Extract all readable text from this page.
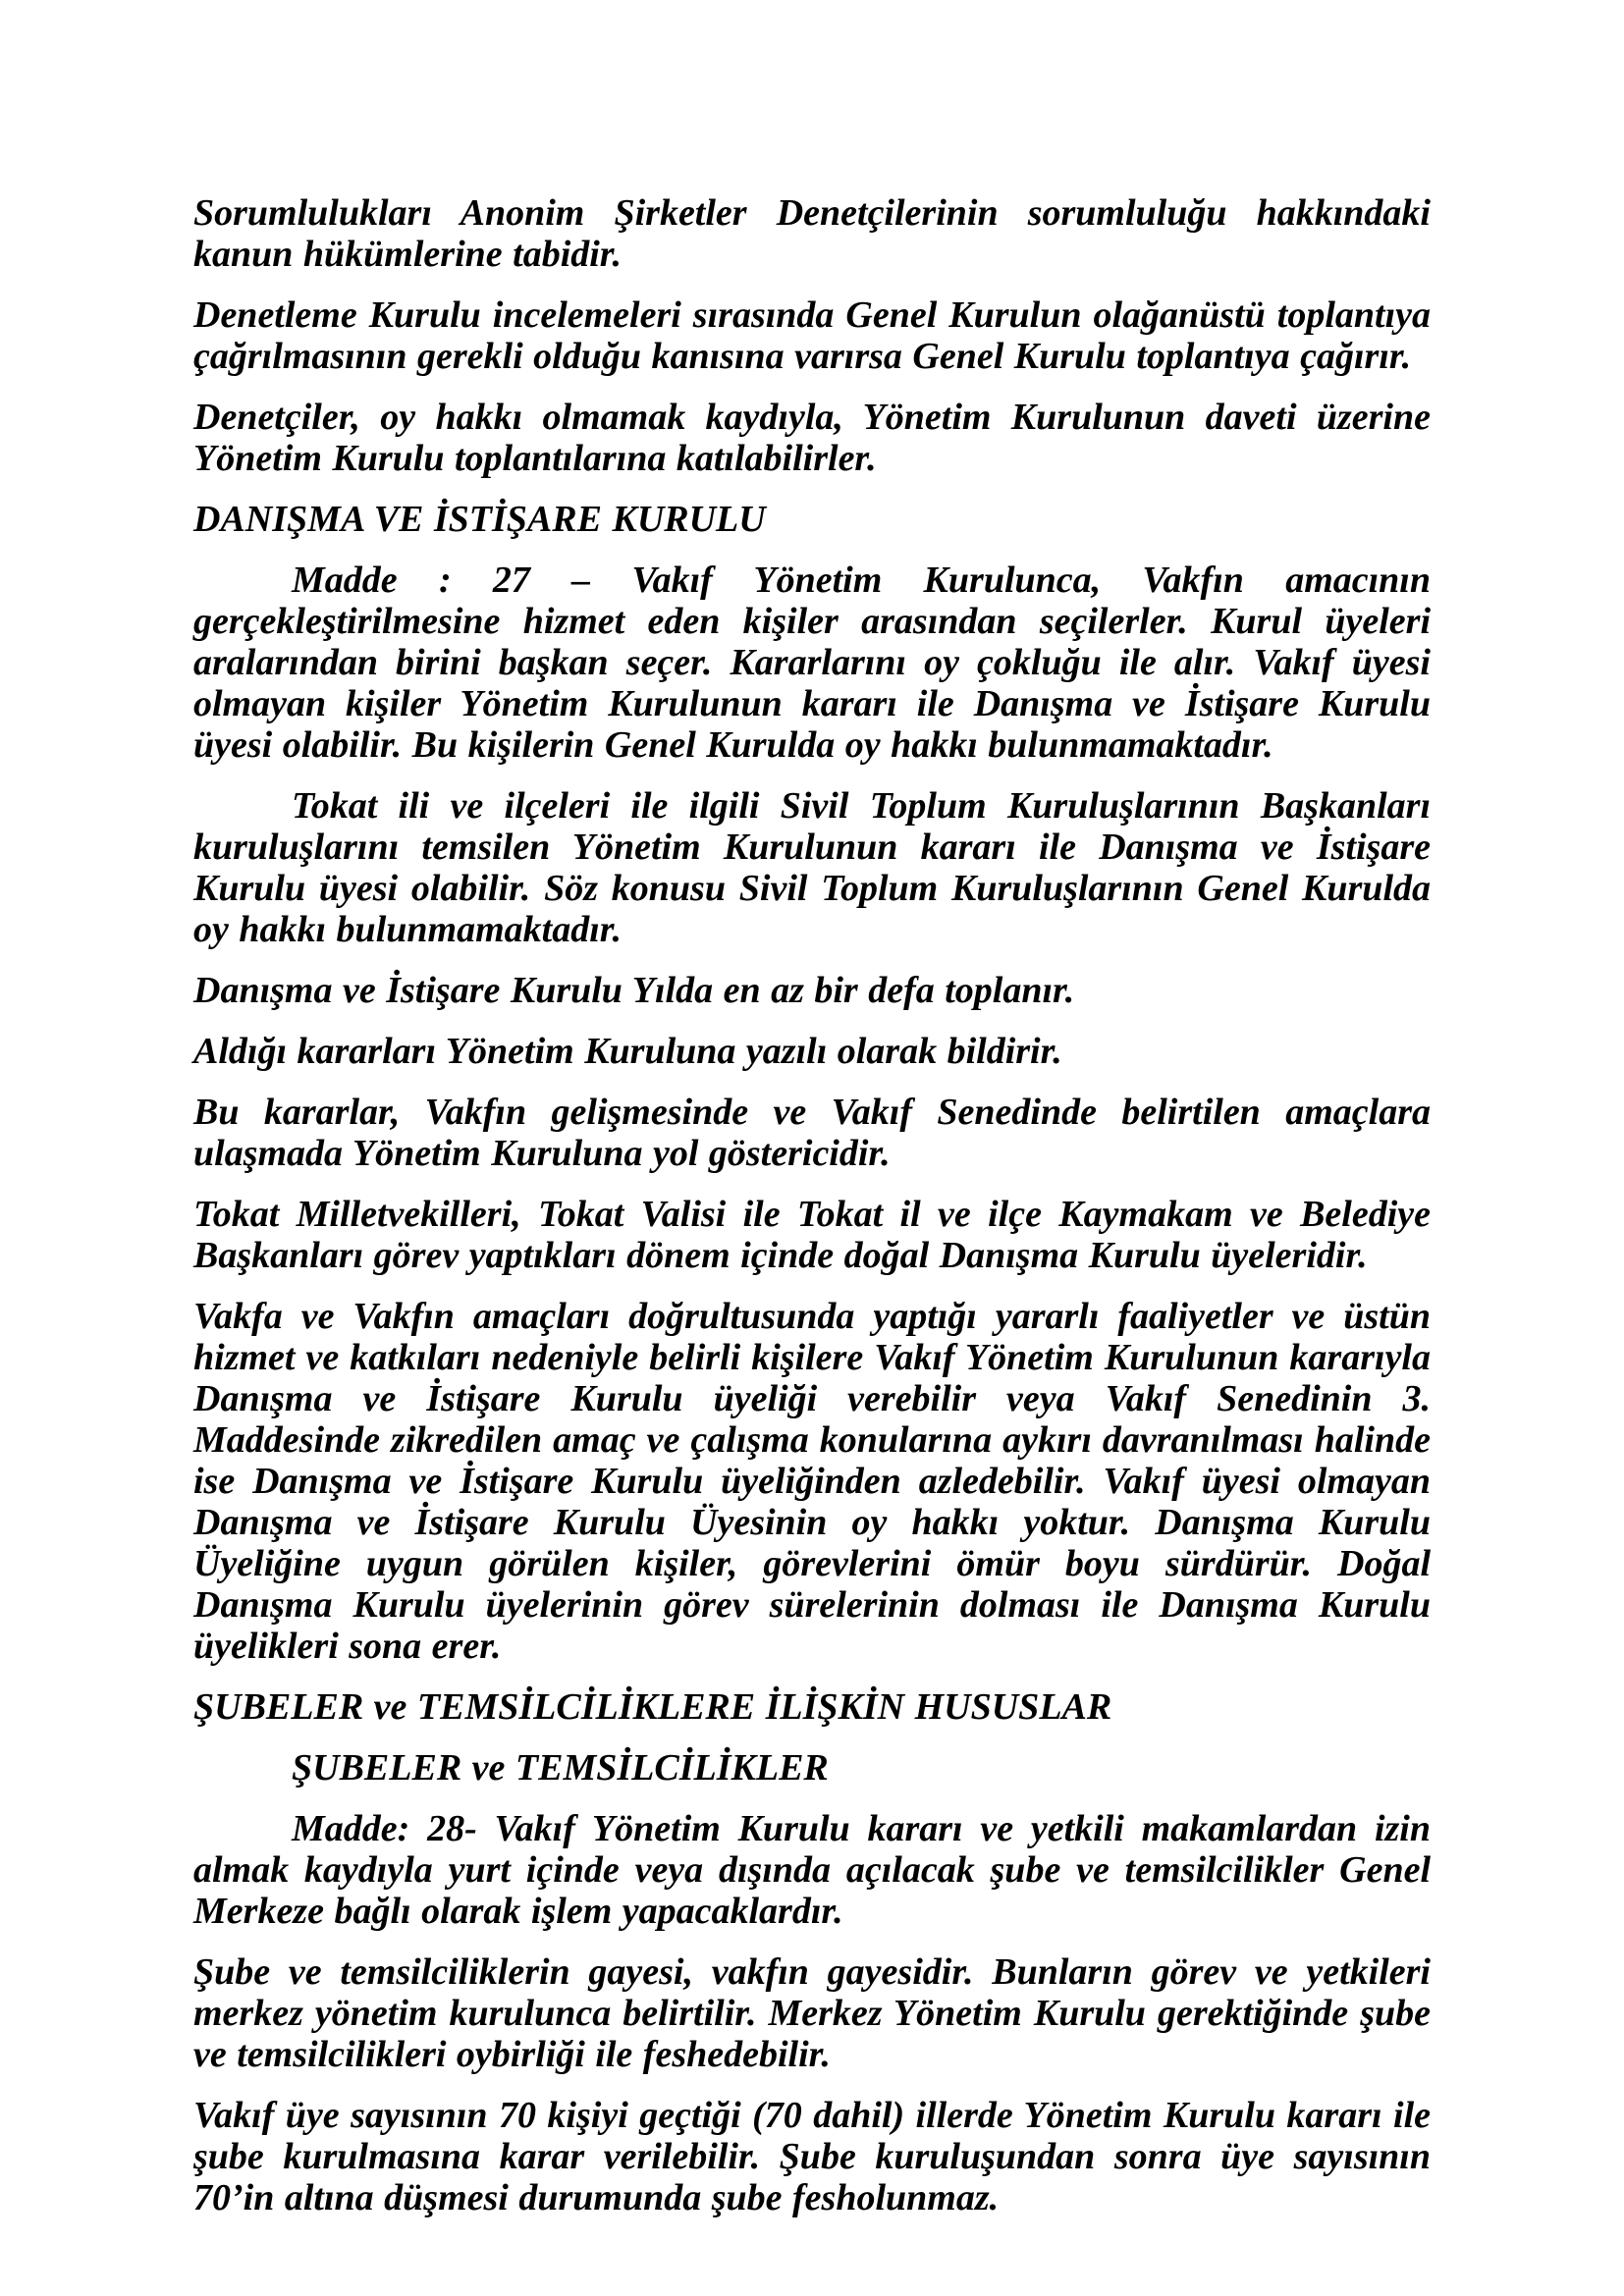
Sorumlulukları Anonim Şirketler Denetçilerinin sorumluluğu hakkındaki kanun hükümlerine tabidir.

Denetleme Kurulu incelemeleri sırasında Genel Kurulun olağanüstü toplantıya çağrılmasının gerekli olduğu kanısına varırsa Genel Kurulu toplantıya çağırır.

Denetçiler, oy hakkı olmamak kaydıyla, Yönetim Kurulunun daveti üzerine Yönetim Kurulu toplantılarına katılabilirler.

DANIŞMA VE İSTİŞARE KURULU

Madde : 27 – Vakıf Yönetim Kurulunca, Vakfın amacının gerçekleştirilmesine hizmet eden kişiler arasından seçilerler. Kurul üyeleri aralarından birini başkan seçer. Kararlarını oy çokluğu ile alır. Vakıf üyesi olmayan kişiler Yönetim Kurulunun kararı ile Danışma ve İstişare Kurulu üyesi olabilir. Bu kişilerin Genel Kurulda oy hakkı bulunmamaktadır.

Tokat ili ve ilçeleri ile ilgili Sivil Toplum Kuruluşlarının Başkanları kuruluşlarını temsilen Yönetim Kurulunun kararı ile Danışma ve İstişare Kurulu üyesi olabilir. Söz konusu Sivil Toplum Kuruluşlarının Genel Kurulda oy hakkı bulunmamaktadır.

Danışma ve İstişare Kurulu Yılda en az bir defa toplanır.

Aldığı kararları Yönetim Kuruluna yazılı olarak bildirir.

Bu kararlar, Vakfın gelişmesinde ve Vakıf Senedinde belirtilen amaçlara ulaşmada Yönetim Kuruluna yol göstericidir.

Tokat Milletvekilleri, Tokat Valisi ile Tokat il ve ilçe Kaymakam ve Belediye Başkanları görev yaptıkları dönem içinde doğal Danışma Kurulu üyeleridir.

Vakfa ve Vakfın amaçları doğrultusunda yaptığı yararlı faaliyetler ve üstün hizmet ve katkıları nedeniyle belirli kişilere Vakıf Yönetim Kurulunun kararıyla Danışma ve İstişare Kurulu üyeliği verebilir veya Vakıf Senedinin 3. Maddesinde zikredilen amaç ve çalışma konularına aykırı davranılması halinde ise Danışma ve İstişare Kurulu üyeliğinden azledebilir. Vakıf üyesi olmayan Danışma ve İstişare Kurulu Üyesinin oy hakkı yoktur. Danışma Kurulu Üyeliğine uygun görülen kişiler, görevlerini ömür boyu sürdürür. Doğal Danışma Kurulu üyelerinin görev sürelerinin dolması ile Danışma Kurulu üyelikleri sona erer.

ŞUBELER ve TEMSİLCİLİKLERE İLİŞKİN HUSUSLAR

ŞUBELER ve TEMSİLCİLİKLER

Madde: 28- Vakıf Yönetim Kurulu kararı ve yetkili makamlardan izin almak kaydıyla yurt içinde veya dışında açılacak şube ve temsilcilikler Genel Merkeze bağlı olarak işlem yapacaklardır.

Şube ve temsilciliklerin gayesi, vakfın gayesidir. Bunların görev ve yetkileri merkez yönetim kurulunca belirtilir. Merkez Yönetim Kurulu gerektiğinde şube ve temsilcilikleri oybirliği ile feshedebilir.

Vakıf üye sayısının 70 kişiyi geçtiği (70 dahil) illerde Yönetim Kurulu kararı ile şube kurulmasına karar verilebilir. Şube kuruluşundan sonra üye sayısının 70’in altına düşmesi durumunda şube fesholunmaz.
